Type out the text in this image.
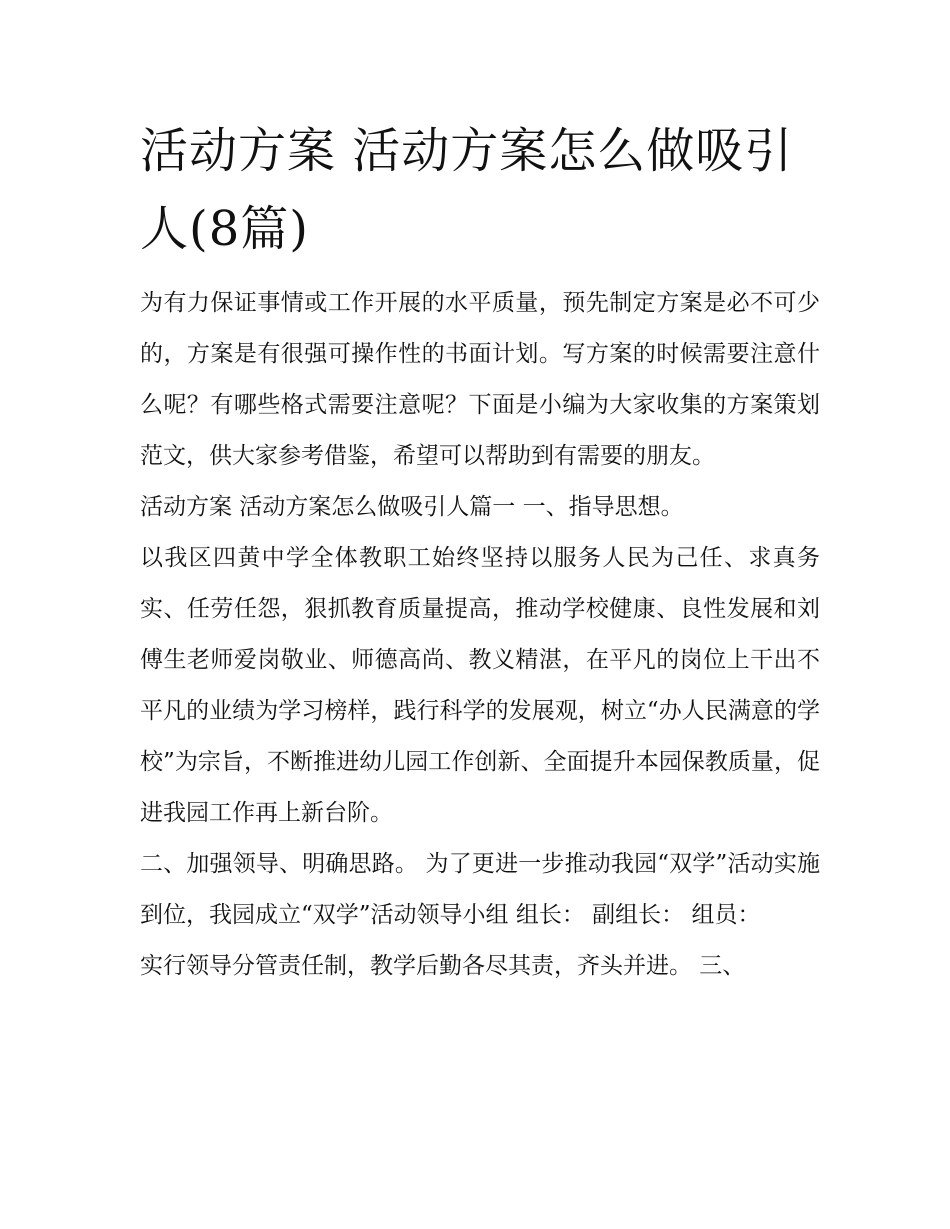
活动方案 活动方案怎么做吸引人(8篇)

为有力保证事情或工作开展的水平质量，预先制定方案是必不可少的，方案是有很强可操作性的书面计划。写方案的时候需要注意什么呢？有哪些格式需要注意呢？下面是小编为大家收集的方案策划范文，供大家参考借鉴，希望可以帮助到有需要的朋友。

活动方案 活动方案怎么做吸引人篇一 一、指导思想。

以我区四黄中学全体教职工始终坚持以服务人民为己任、求真务实、任劳任怨，狠抓教育质量提高，推动学校健康、良性发展和刘傅生老师爱岗敬业、师德高尚、教义精湛，在平凡的岗位上干出不平凡的业绩为学习榜样，践行科学的发展观，树立“办人民满意的学校”为宗旨，不断推进幼儿园工作创新、全面提升本园保教质量，促进我园工作再上新台阶。

二、加强领导、明确思路。 为了更进一步推动我园“双学”活动实施到位，我园成立“双学”活动领导小组 组长： 副组长： 组员：

实行领导分管责任制，教学后勤各尽其责，齐头并进。 三、
